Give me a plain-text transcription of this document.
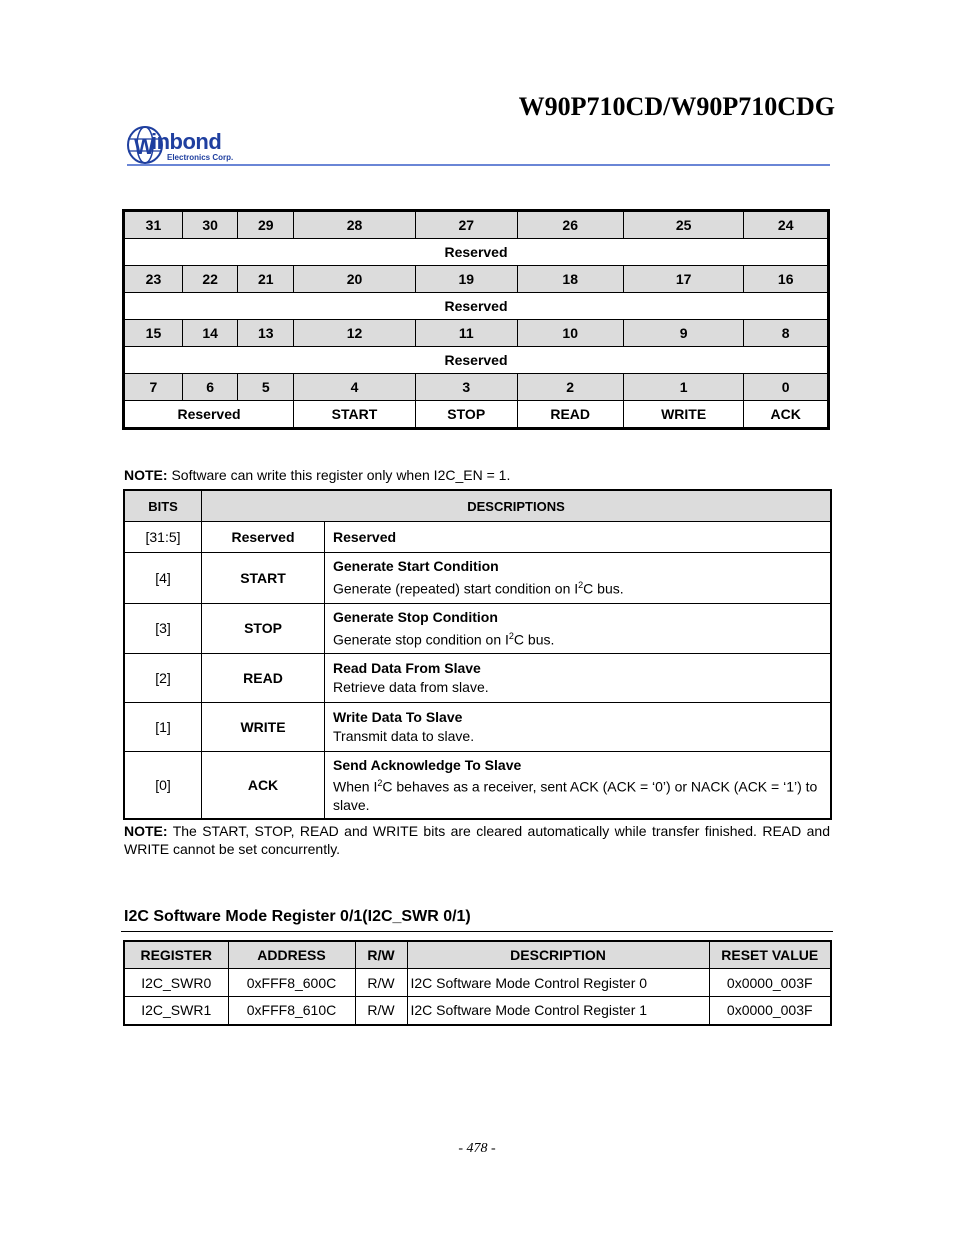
W90P710CD/W90P710CDG
W
inbond
Electronics Corp.
31	30	29	28	27	26	25	24
Reserved							
23	22	21	20	19	18	17	16
Reserved							
15	14	13	12	11	10	9	8
Reserved							
7	6	5	4	3	2	1	0
Reserved			START	STOP	READ	WRITE	ACK
NOTE: Software can write this register only when I2C_EN = 1.
BITS	DESCRIPTIONS	
[31:5]	Reserved	Reserved
[4]	START	Generate Start Condition
Generate (repeated) start condition on $I^2C$ bus.

[3]	STOP	Generate Stop Condition
Generate stop condition on $I^2C$ bus.

[2]	READ	Read Data From Slave
Retrieve data from slave.

[1]	WRITE	Write Data To Slave
Transmit data to slave.

[0]	ACK	Send Acknowledge To Slave
When $I^2C$ behaves as a receiver, sent ACK (ACK = ‘0’) or NACK (ACK = ‘1’) to slave.
NOTE: The START, STOP, READ and WRITE bits are cleared automatically while transfer finished. READ and WRITE cannot be set concurrently.
I2C Software Mode Register 0/1(I2C_SWR 0/1)
REGISTER	ADDRESS	R/W	DESCRIPTION	RESET VALUE
I2C_SWR0	0xFFF8_600C	R/W	I2C Software Mode Control Register 0	0x0000_003F
I2C_SWR1	0xFFF8_610C	R/W	I2C Software Mode Control Register 1	0x0000_003F
- 478 -
